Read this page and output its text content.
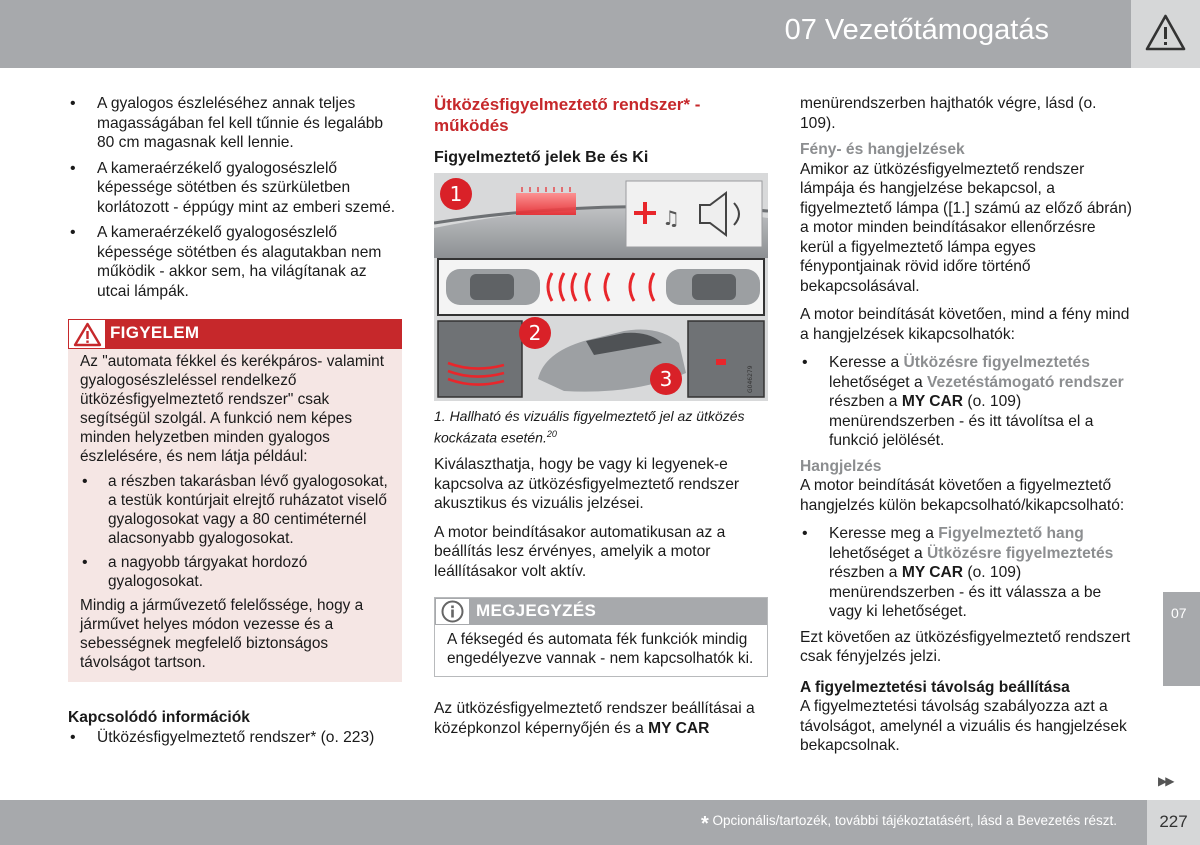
07 Vezetőtámogatás
• A gyalogos észleléséhez annak teljes magasságában fel kell tűnnie és legalább 80 cm magasnak kell lennie.
• A kameraérzékelő gyalogosészlelő képessége sötétben és szürkületben korlátozott - éppúgy mint az emberi szemé.
• A kameraérzékelő gyalogosészlelő képessége sötétben és alagutakban nem működik - akkor sem, ha világítanak az utcai lámpák.
FIGYELEM

Az "automata fékkel és kerékpáros- valamint gyalogosészleléssel rendelkező ütközésfigyelmeztető rendszer" csak segítségül szolgál. A funkció nem képes minden helyzetben minden gyalogos észlelésére, és nem látja például:

• a részben takarásban lévő gyalogosokat, a testük kontúrjait elrejtő ruházatot viselő gyalogosokat vagy a 80 centiméternél alacsonyabb gyalogosokat.
• a nagyobb tárgyakat hordozó gyalogosokat.

Mindig a járművezető felelőssége, hogy a járművet helyes módon vezesse és a sebességnek megfelelő biztonságos távolságot tartson.

Kapcsolódó információk
• Ütközésfigyelmeztető rendszer* (o. 223)
Ütközésfigyelmeztető rendszer* - működés
Figyelmeztető jelek Be és Ki
♫
G046279
1
2
3
1. Hallható és vizuális figyelmeztető jel az ütközés kockázata esetén.$^{20}$

Kiválaszthatja, hogy be vagy ki legyenek-e kapcsolva az ütközésfigyelmeztető rendszer akusztikus és vizuális jelzései.

A motor beindításakor automatikusan az a beállítás lesz érvényes, amelyik a motor leállításakor volt aktív.

MEGJEGYZÉS
A féksegéd és automata fék funkciók mindig engedélyezve vannak - nem kapcsolhatók ki.

Az ütközésfigyelmeztető rendszer beállításai a középkonzol képernyőjén és a MY CAR

menürendszerben hajthatók végre, lásd (o. 109).

Fény- és hangjelzések

Amikor az ütközésfigyelmeztető rendszer lámpája és hangjelzése bekapcsol, a figyelmeztető lámpa ([1.] számú az előző ábrán) a motor minden beindításakor ellenőrzésre kerül a figyelmeztető lámpa egyes fénypontjainak rövid időre történő bekapcsolásával.

A motor beindítását követően, mind a fény mind a hangjelzések kikapcsolhatók:

• Keresse a Ütközésre figyelmeztetés lehetőséget a Vezetéstámogató rendszer részben a MY CAR (o. 109) menürendszerben - és itt távolítsa el a funkció jelölését.
Hangjelzés

A motor beindítását követően a figyelmeztető hangjelzés külön bekapcsolható/kikapcsolható:

• Keresse meg a Figyelmeztető hang lehetőséget a Ütközésre figyelmeztetés részben a MY CAR (o. 109) menürendszerben - és itt válassza a be vagy ki lehetőséget.

Ezt követően az ütközésfigyelmeztető rendszert csak fényjelzés jelzi.

A figyelmeztetési távolság beállítása

A figyelmeztetési távolság szabályozza azt a távolságot, amelynél a vizuális és hangjelzések bekapcsolnak.

07
▶▶
* Opcionális/tartozék, további tájékoztatásért, lásd a Bevezetés részt.	227
